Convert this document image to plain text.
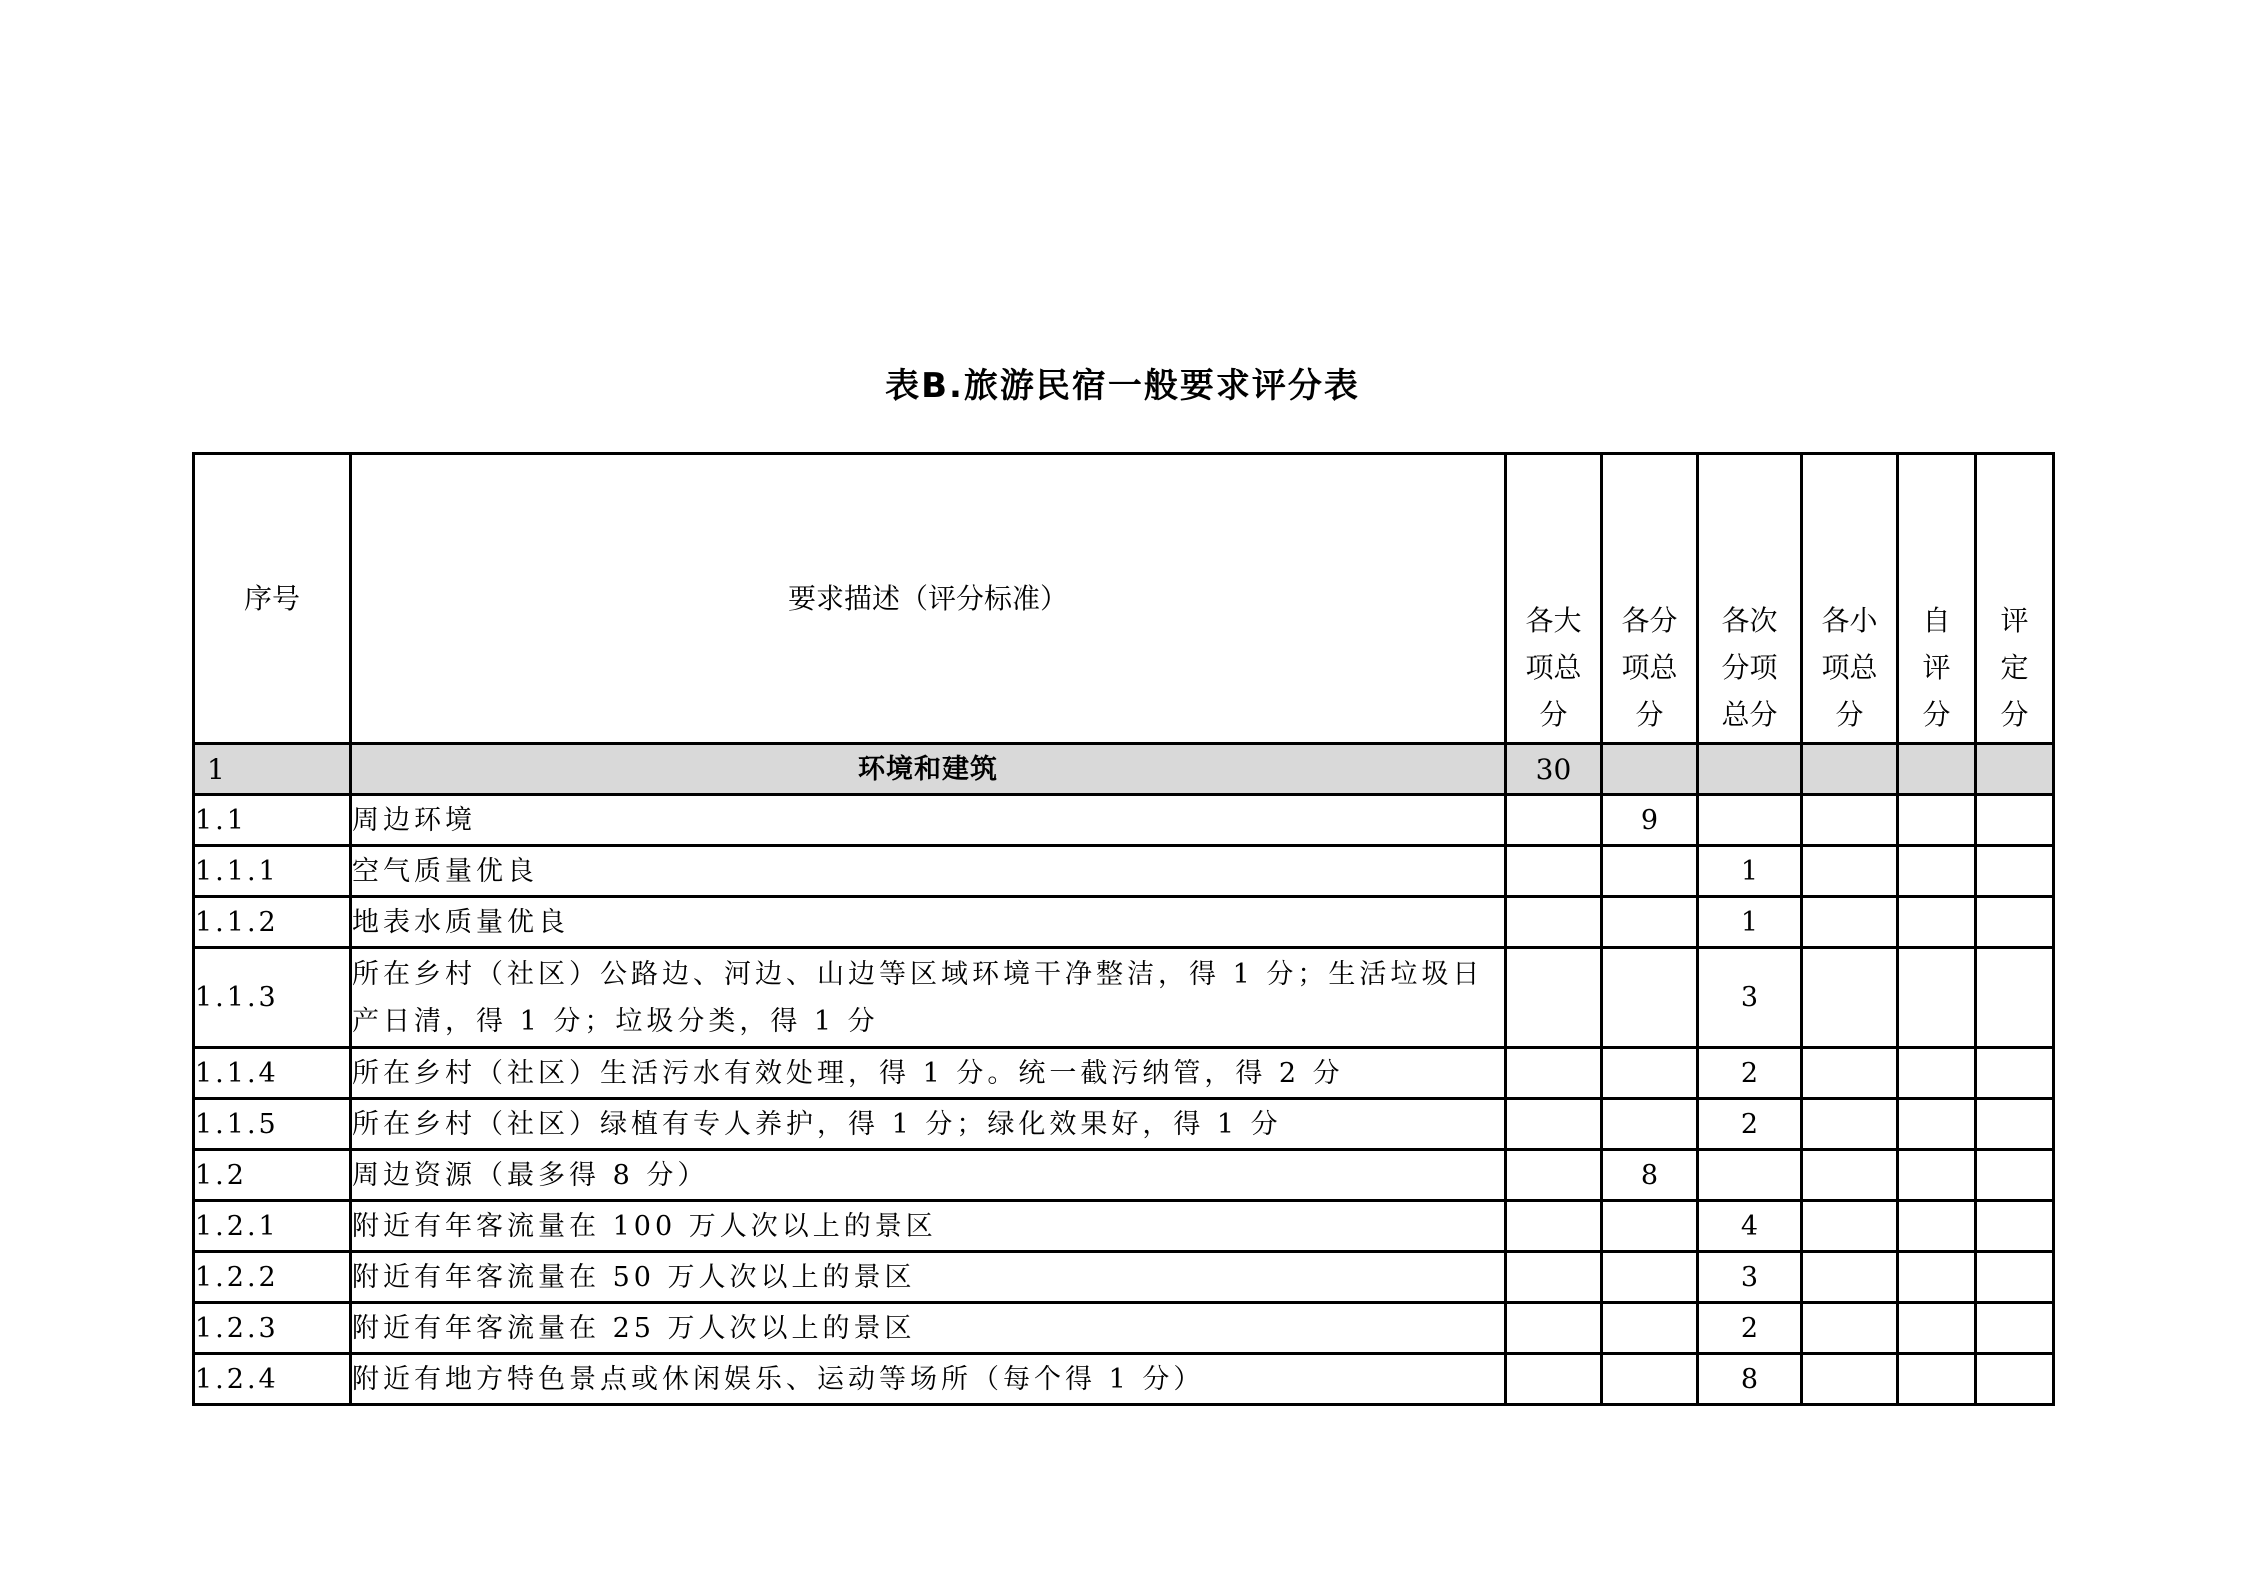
表B.旅游民宿一般要求评分表
序号	要求描述（评分标准）	各大
项总
分	各分
项总
分	各次
分项
总分	各小
项总
分	自
评
分	评
定
分

1	环境和建筑	30					
1.1	周边环境		9				
1.1.1	空气质量优良			1			
1.1.2	地表水质量优良			1			
1.1.3	所在乡村（社区）公路边、河边、山边等区域环境干净整洁，得 1 分；生活垃圾日产日清，得 1 分；垃圾分类，得 1 分			3			
1.1.4	所在乡村（社区）生活污水有效处理，得 1 分。统一截污纳管，得 2 分			2			
1.1.5	所在乡村（社区）绿植有专人养护，得 1 分；绿化效果好，得 1 分			2			
1.2	周边资源（最多得 8 分）		8				
1.2.1	附近有年客流量在 100 万人次以上的景区			4			
1.2.2	附近有年客流量在 50 万人次以上的景区			3			
1.2.3	附近有年客流量在 25 万人次以上的景区			2			
1.2.4	附近有地方特色景点或休闲娱乐、运动等场所（每个得 1 分）			8			
